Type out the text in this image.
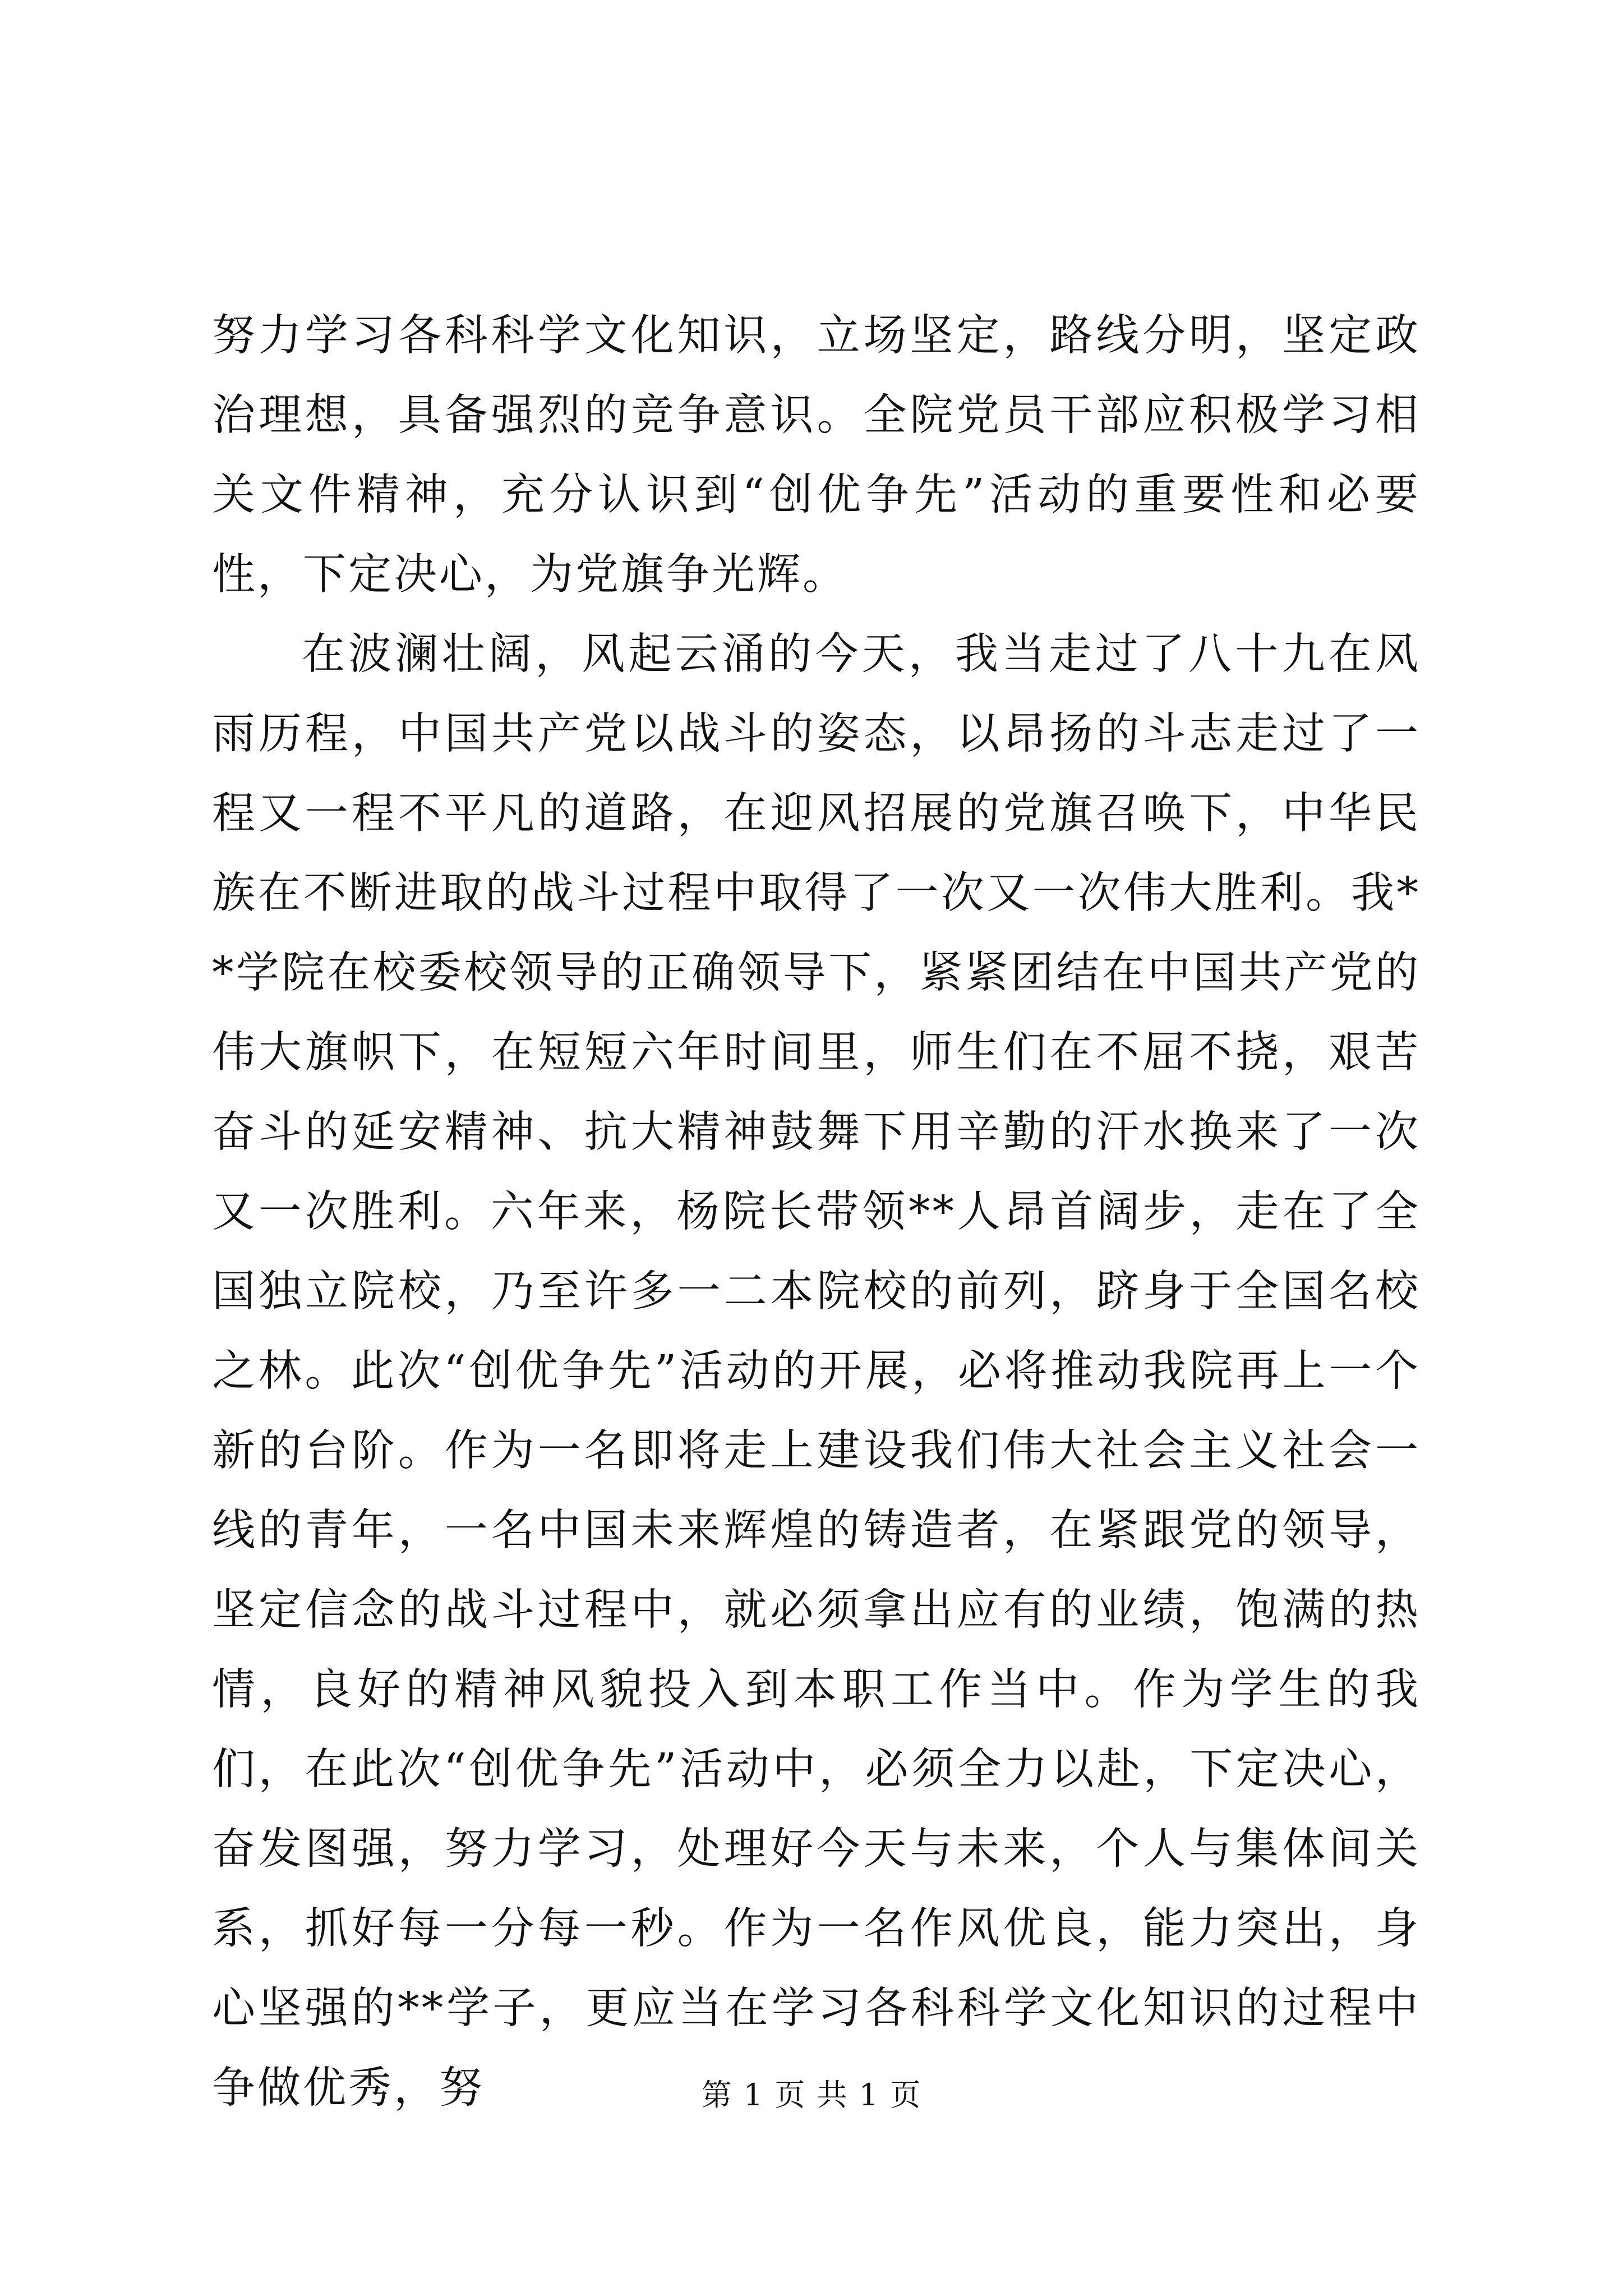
努力学习各科科学文化知识，立场坚定，路线分明，坚定政治理想，具备强烈的竞争意识。全院党员干部应积极学习相关文件精神，充分认识到“创优争先”活动的重要性和必要性，下定决心，为党旗争光辉。

在波澜壮阔，风起云涌的今天，我当走过了八十九在风雨历程，中国共产党以战斗的姿态，以昂扬的斗志走过了一程又一程不平凡的道路，在迎风招展的党旗召唤下，中华民族在不断进取的战斗过程中取得了一次又一次伟大胜利。我**学院在校委校领导的正确领导下，紧紧团结在中国共产党的伟大旗帜下，在短短六年时间里，师生们在不屈不挠，艰苦奋斗的延安精神、抗大精神鼓舞下用辛勤的汗水换来了一次又一次胜利。六年来，杨院长带领**人昂首阔步，走在了全国独立院校，乃至许多一二本院校的前列，跻身于全国名校之林。此次“创优争先”活动的开展，必将推动我院再上一个新的台阶。作为一名即将走上建设我们伟大社会主义社会一线的青年，一名中国未来辉煌的铸造者，在紧跟党的领导，坚定信念的战斗过程中，就必须拿出应有的业绩，饱满的热情，良好的精神风貌投入到本职工作当中。作为学生的我们，在此次“创优争先”活动中，必须全力以赴，下定决心，奋发图强，努力学习，处理好今天与未来，个人与集体间关系，抓好每一分每一秒。作为一名作风优良，能力突出，身心坚强的**学子，更应当在学习各科科学文化知识的过程中争做优秀，努	第 1 页 共 1 页
